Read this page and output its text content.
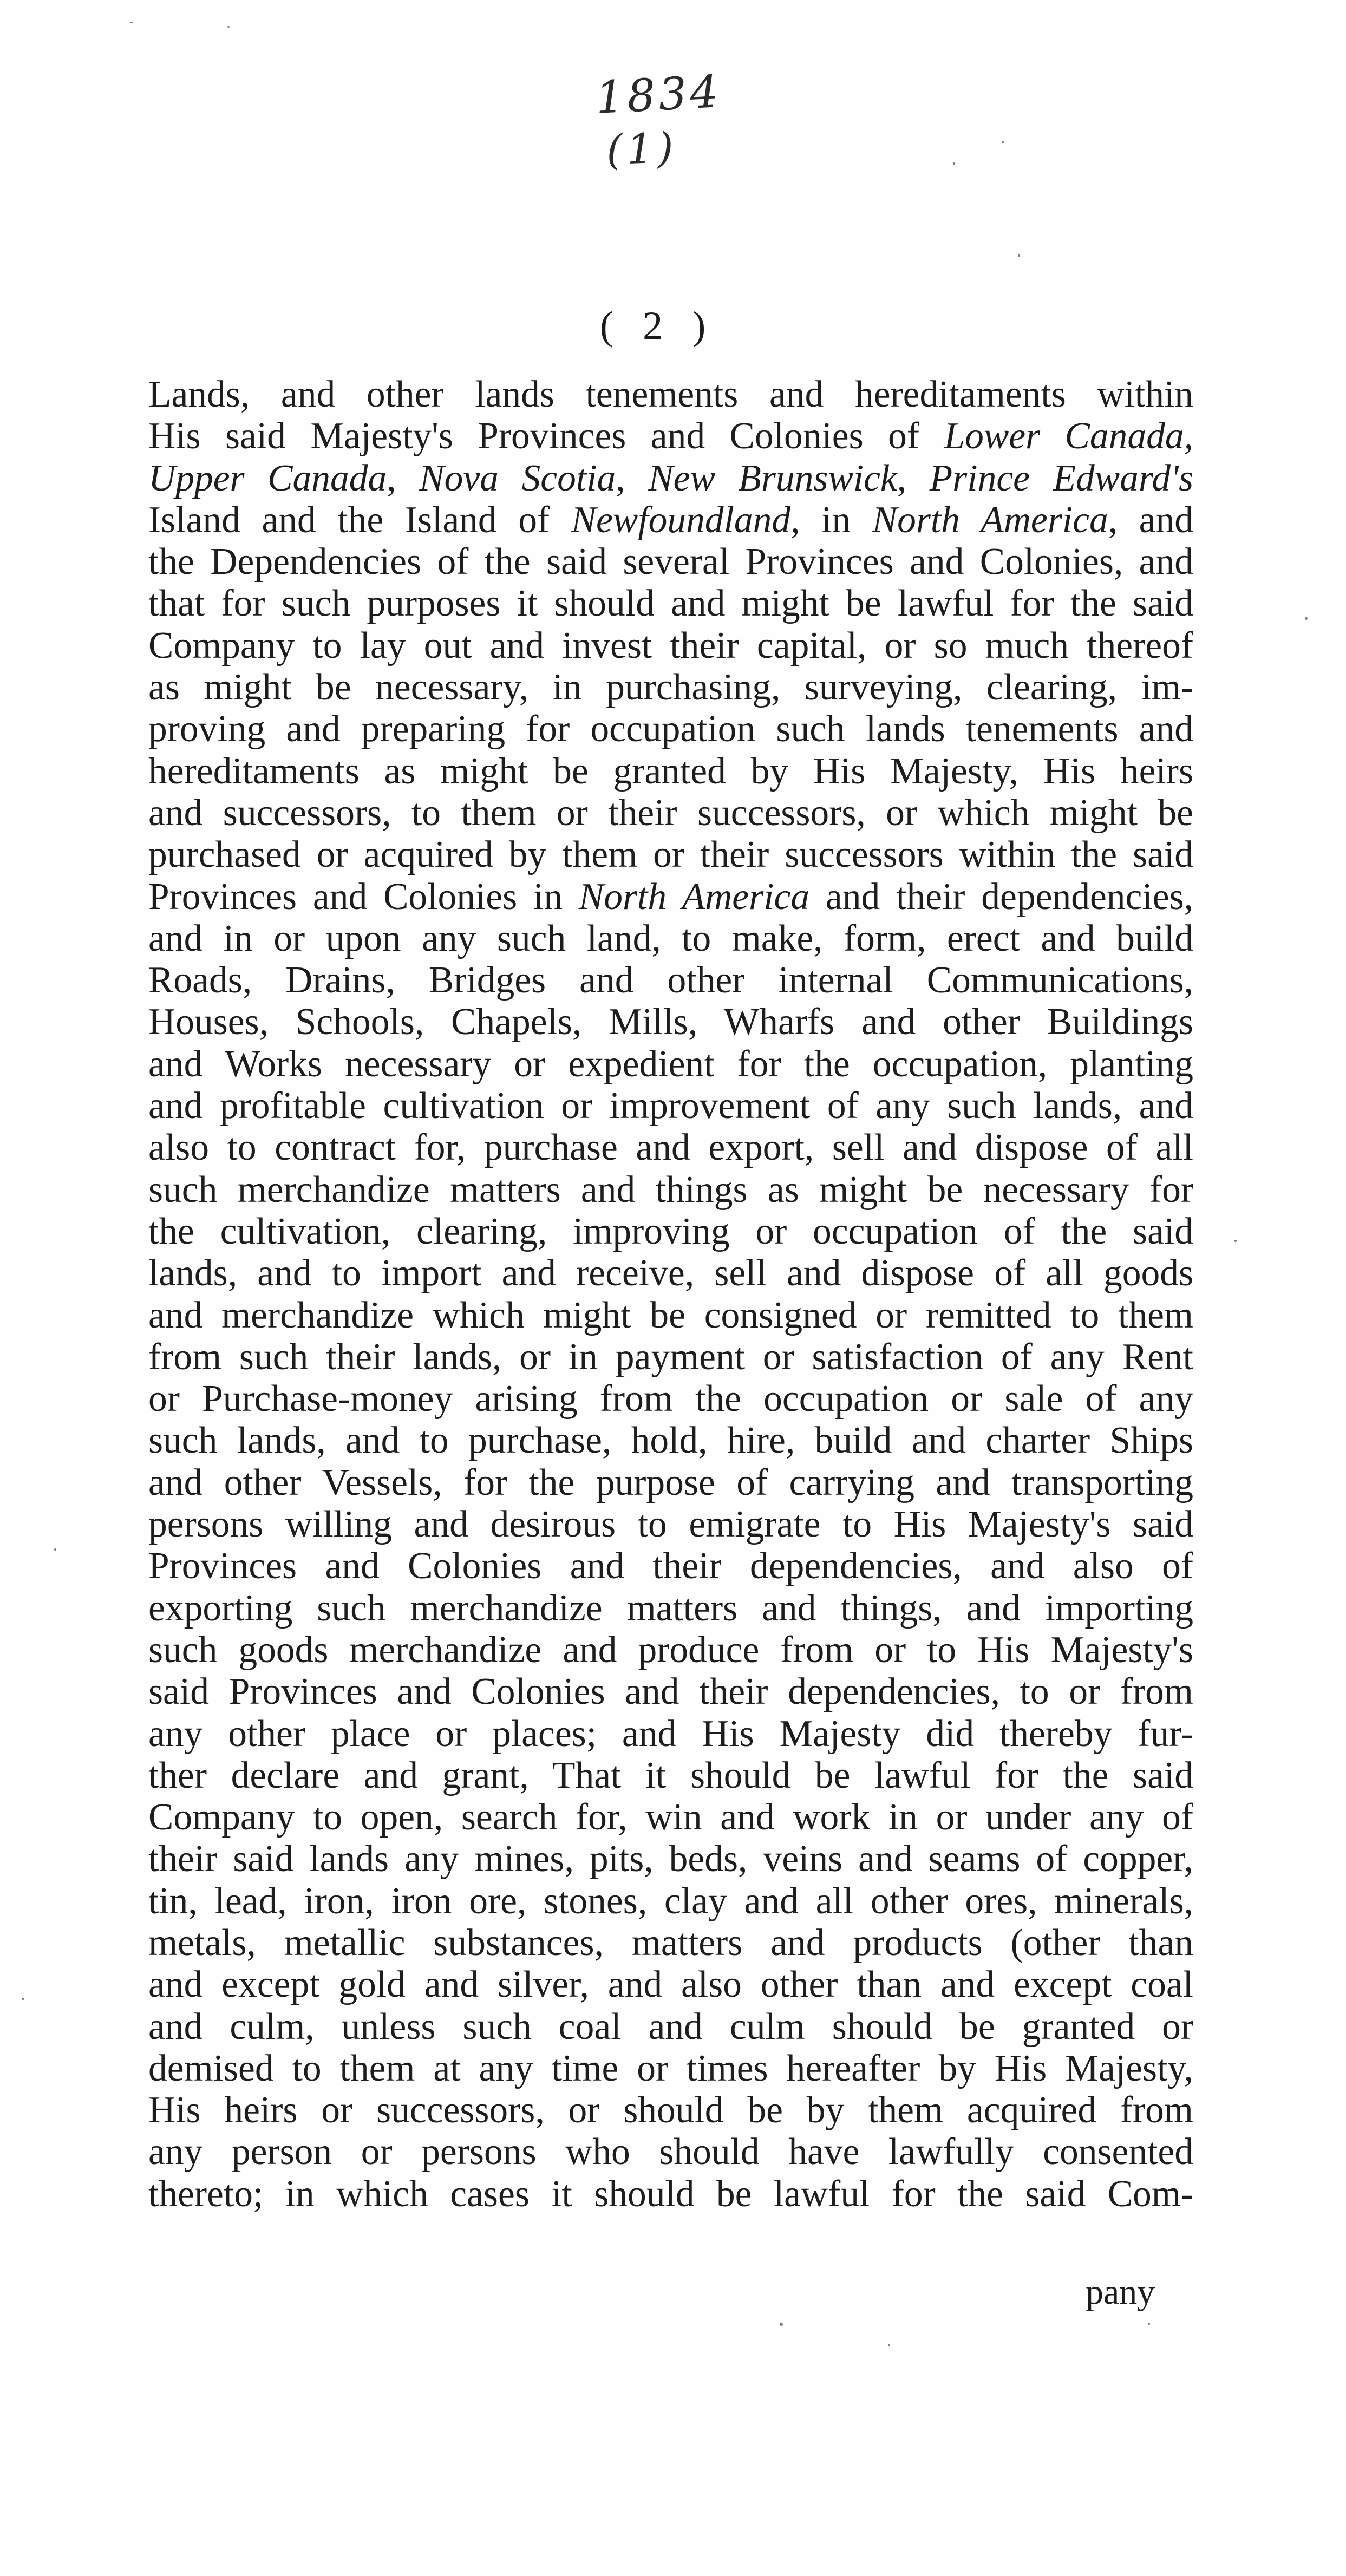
1834
(1)
( 2 )
Lands, and other lands tenements and hereditaments within
His said Majesty's Provinces and Colonies of Lower Canada,
Upper Canada, Nova Scotia, New Brunswick, Prince Edward's
Island and the Island of Newfoundland, in North America, and
the Dependencies of the said several Provinces and Colonies, and
that for such purposes it should and might be lawful for the said
Company to lay out and invest their capital, or so much thereof
as might be necessary, in purchasing, surveying, clearing, im-
proving and preparing for occupation such lands tenements and
hereditaments as might be granted by His Majesty, His heirs
and successors, to them or their successors, or which might be
purchased or acquired by them or their successors within the said
Provinces and Colonies in North America and their dependencies,
and in or upon any such land, to make, form, erect and build
Roads, Drains, Bridges and other internal Communications,
Houses, Schools, Chapels, Mills, Wharfs and other Buildings
and Works necessary or expedient for the occupation, planting
and profitable cultivation or improvement of any such lands, and
also to contract for, purchase and export, sell and dispose of all
such merchandize matters and things as might be necessary for
the cultivation, clearing, improving or occupation of the said
lands, and to import and receive, sell and dispose of all goods
and merchandize which might be consigned or remitted to them
from such their lands, or in payment or satisfaction of any Rent
or Purchase-money arising from the occupation or sale of any
such lands, and to purchase, hold, hire, build and charter Ships
and other Vessels, for the purpose of carrying and transporting
persons willing and desirous to emigrate to His Majesty's said
Provinces and Colonies and their dependencies, and also of
exporting such merchandize matters and things, and importing
such goods merchandize and produce from or to His Majesty's
said Provinces and Colonies and their dependencies, to or from
any other place or places; and His Majesty did thereby fur-
ther declare and grant, That it should be lawful for the said
Company to open, search for, win and work in or under any of
their said lands any mines, pits, beds, veins and seams of copper,
tin, lead, iron, iron ore, stones, clay and all other ores, minerals,
metals, metallic substances, matters and products (other than
and except gold and silver, and also other than and except coal
and culm, unless such coal and culm should be granted or
demised to them at any time or times hereafter by His Majesty,
His heirs or successors, or should be by them acquired from
any person or persons who should have lawfully consented
thereto; in which cases it should be lawful for the said Com-
pany
